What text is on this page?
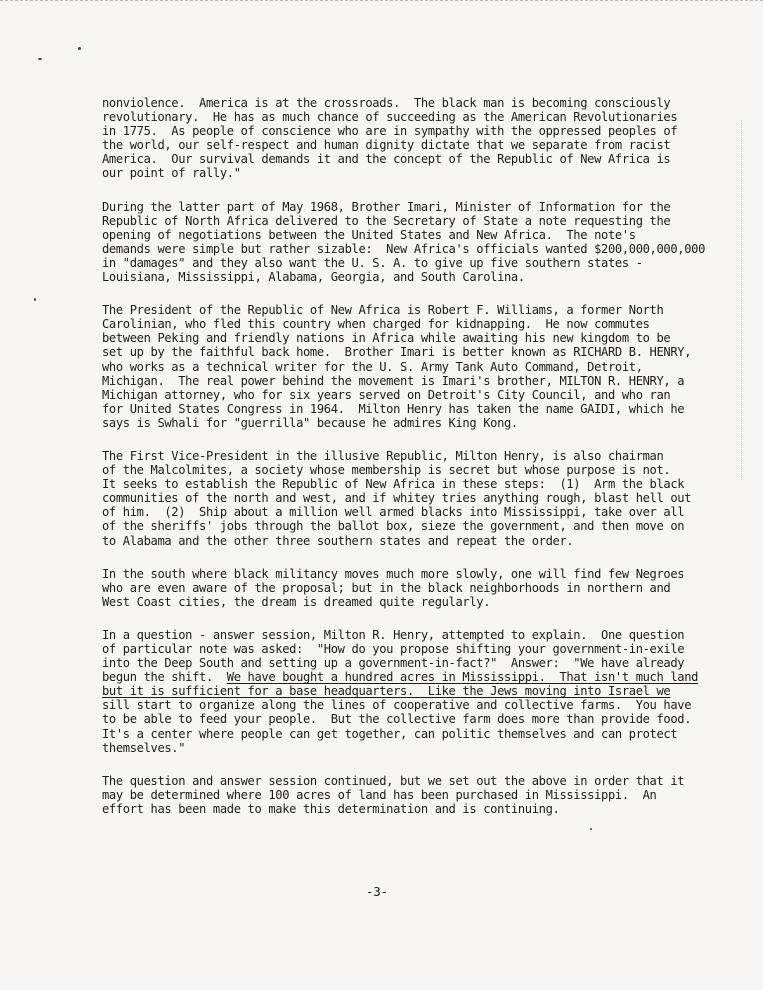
nonviolence.  America is at the crossroads.  The black man is becoming consciously
revolutionary.  He has as much chance of succeeding as the American Revolutionaries
in 1775.  As people of conscience who are in sympathy with the oppressed peoples of
the world, our self-respect and human dignity dictate that we separate from racist
America.  Our survival demands it and the concept of the Republic of New Africa is
our point of rally."
During the latter part of May 1968, Brother Imari, Minister of Information for the
Republic of North Africa delivered to the Secretary of State a note requesting the
opening of negotiations between the United States and New Africa.  The note's
demands were simple but rather sizable:  New Africa's officials wanted $200,000,000,000
in "damages" and they also want the U. S. A. to give up five southern states -
Louisiana, Mississippi, Alabama, Georgia, and South Carolina.
The President of the Republic of New Africa is Robert F. Williams, a former North
Carolinian, who fled this country when charged for kidnapping.  He now commutes
between Peking and friendly nations in Africa while awaiting his new kingdom to be
set up by the faithful back home.  Brother Imari is better known as RICHARD B. HENRY,
who works as a technical writer for the U. S. Army Tank Auto Command, Detroit,
Michigan.  The real power behind the movement is Imari's brother, MILTON R. HENRY, a
Michigan attorney, who for six years served on Detroit's City Council, and who ran
for United States Congress in 1964.  Milton Henry has taken the name GAIDI, which he
says is Swhali for "guerrilla" because he admires King Kong.
The First Vice-President in the illusive Republic, Milton Henry, is also chairman
of the Malcolmites, a society whose membership is secret but whose purpose is not.
It seeks to establish the Republic of New Africa in these steps:  (1)  Arm the black
communities of the north and west, and if whitey tries anything rough, blast hell out
of him.  (2)  Ship about a million well armed blacks into Mississippi, take over all
of the sheriffs' jobs through the ballot box, sieze the government, and then move on
to Alabama and the other three southern states and repeat the order.
In the south where black militancy moves much more slowly, one will find few Negroes
who are even aware of the proposal; but in the black neighborhoods in northern and
West Coast cities, the dream is dreamed quite regularly.
In a question - answer session, Milton R. Henry, attempted to explain.  One question
of particular note was asked:  "How do you propose shifting your government-in-exile
into the Deep South and setting up a government-in-fact?"  Answer:  "We have already
begun the shift.  We have bought a hundred acres in Mississippi.  That isn't much land
but it is sufficient for a base headquarters.  Like the Jews moving into Israel we
sill start to organize along the lines of cooperative and collective farms.  You have
to be able to feed your people.  But the collective farm does more than provide food.
It's a center where people can get together, can politic themselves and can protect
themselves."
The question and answer session continued, but we set out the above in order that it
may be determined where 100 acres of land has been purchased in Mississippi.  An
effort has been made to make this determination and is continuing.
-3-
